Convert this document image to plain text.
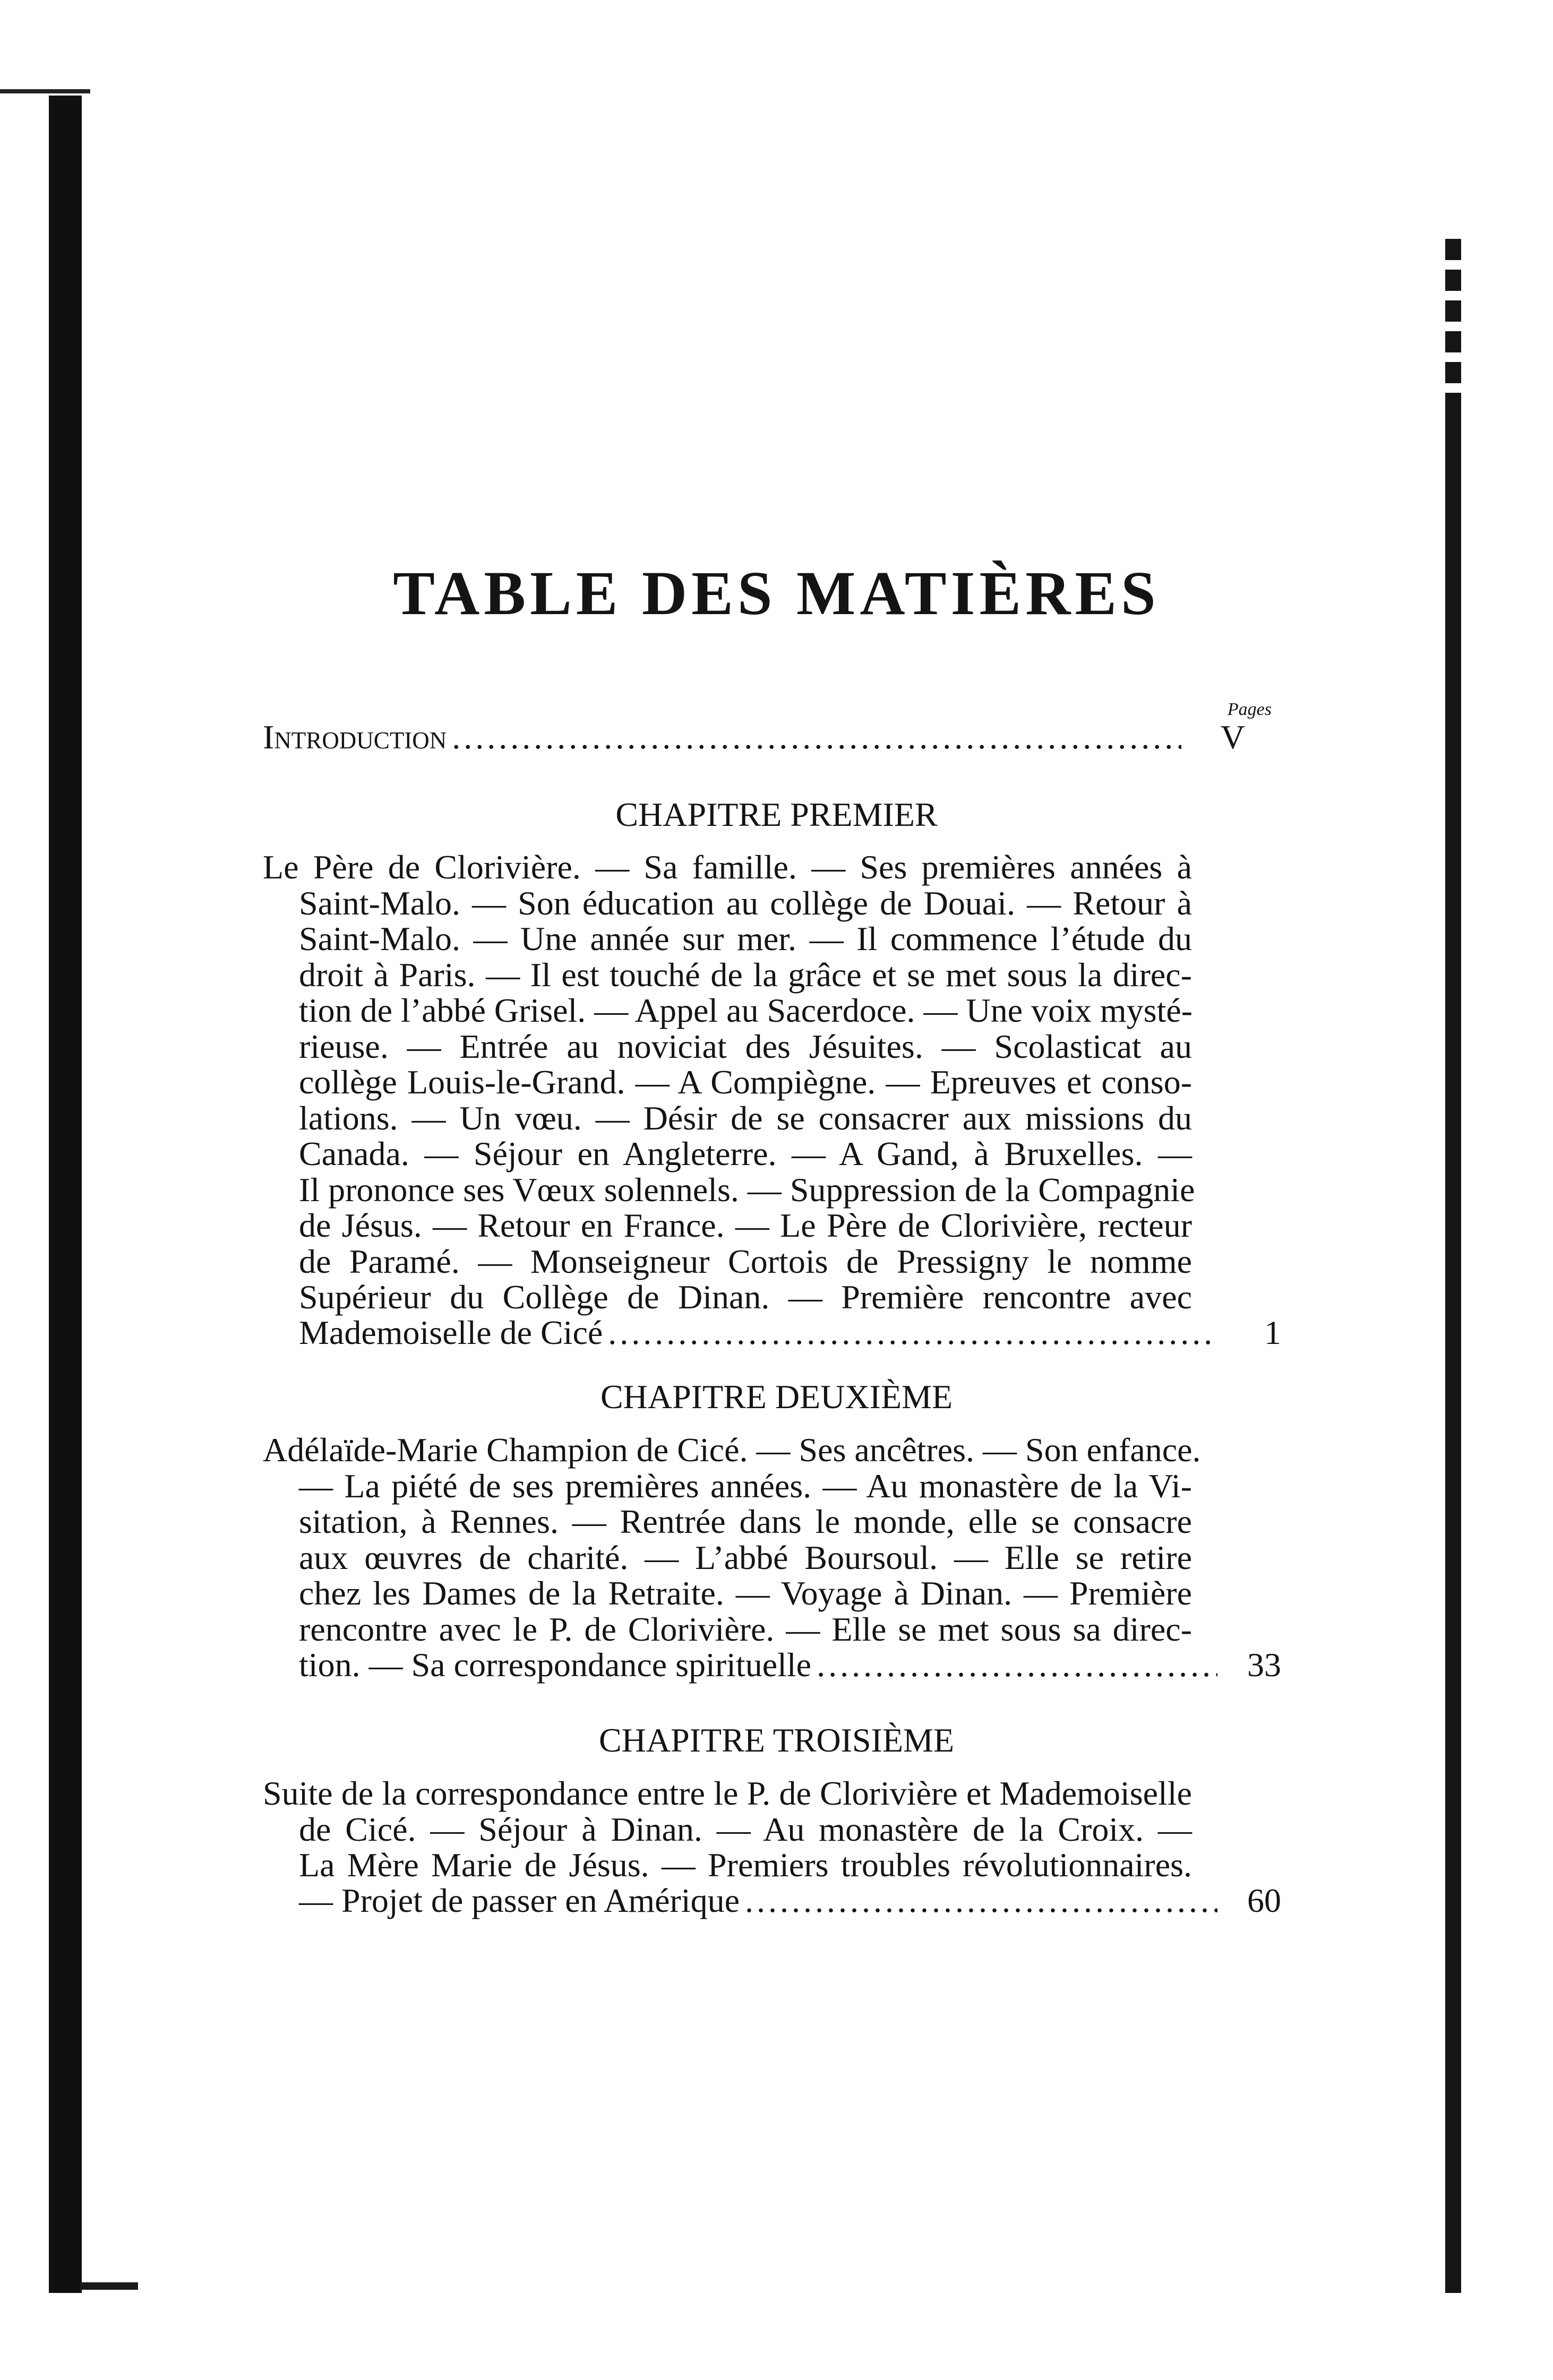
TABLE DES MATIÈRES
Pages
Introduction .....	V
CHAPITRE PREMIER

Le Père de Clorivière. — Sa famille. — Ses premières années à

Saint-Malo. — Son éducation au collège de Douai. — Retour à

Saint-Malo. — Une année sur mer. — Il commence l’étude du

droit à Paris. — Il est touché de la grâce et se met sous la direc-

tion de l’abbé Grisel. — Appel au Sacerdoce. — Une voix mysté-

rieuse. — Entrée au noviciat des Jésuites. — Scolasticat au

collège Louis-le-Grand. — A Compiègne. — Epreuves et conso-

lations. — Un vœu. — Désir de se consacrer aux missions du

Canada. — Séjour en Angleterre. — A Gand, à Bruxelles. —

Il prononce ses Vœux solennels. — Suppression de la Compagnie

de Jésus. — Retour en France. — Le Père de Clorivière, recteur

de Paramé. — Monseigneur Cortois de Pressigny le nomme

Supérieur du Collège de Dinan. — Première rencontre avec

Mademoiselle de Cicé .....	1
CHAPITRE DEUXIÈME

Adélaïde-Marie Champion de Cicé. — Ses ancêtres. — Son enfance.

— La piété de ses premières années. — Au monastère de la Vi-

sitation, à Rennes. — Rentrée dans le monde, elle se consacre

aux œuvres de charité. — L’abbé Boursoul. — Elle se retire

chez les Dames de la Retraite. — Voyage à Dinan. — Première

rencontre avec le P. de Clorivière. — Elle se met sous sa direc-

tion. — Sa correspondance spirituelle .....	33
CHAPITRE TROISIÈME

Suite de la correspondance entre le P. de Clorivière et Mademoiselle

de Cicé. — Séjour à Dinan. — Au monastère de la Croix. —

La Mère Marie de Jésus. — Premiers troubles révolutionnaires.

— Projet de passer en Amérique .....	60
